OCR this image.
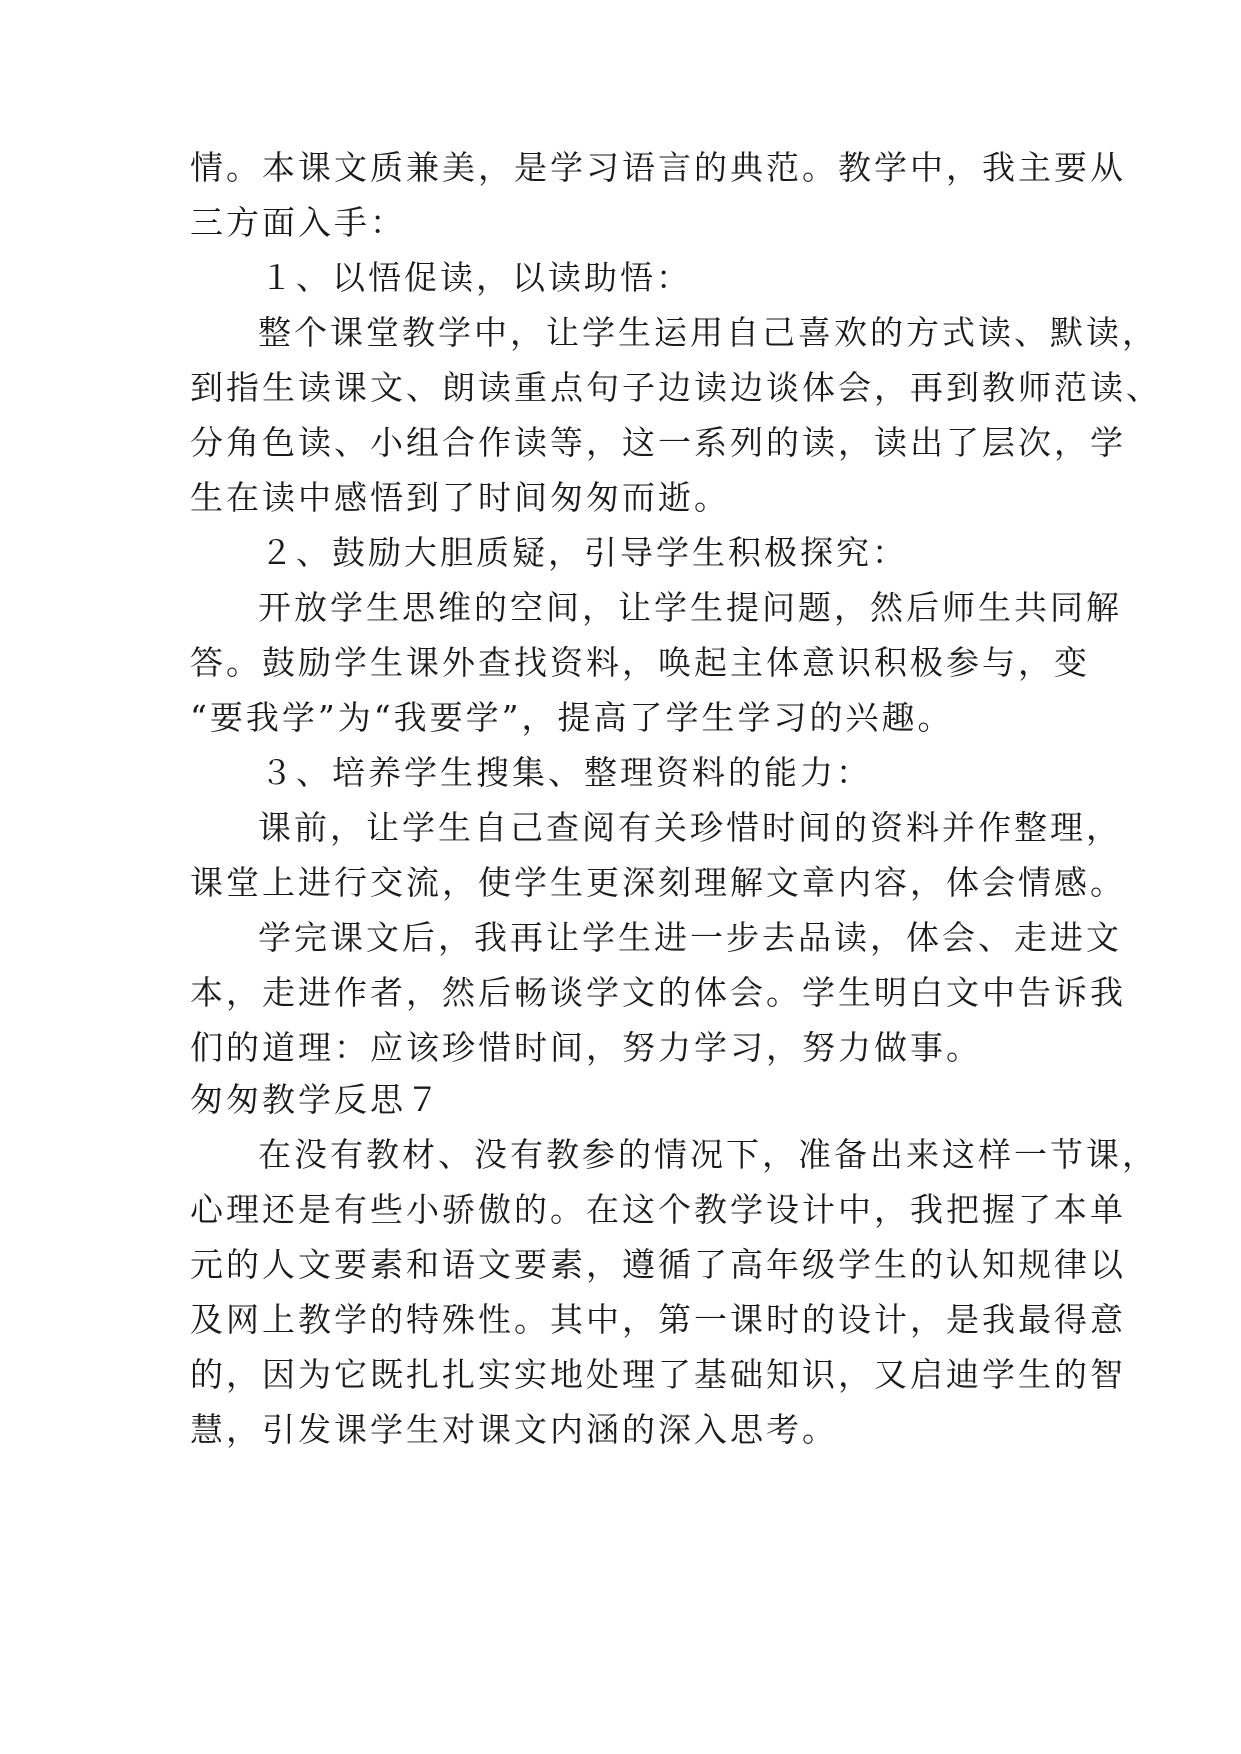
情。本课文质兼美，是学习语言的典范。教学中，我主要从
三方面入手：
１、以悟促读，以读助悟：
整个课堂教学中，让学生运用自己喜欢的方式读、默读，
到指生读课文、朗读重点句子边读边谈体会，再到教师范读、
分角色读、小组合作读等，这一系列的读，读出了层次，学
生在读中感悟到了时间匆匆而逝。
２、鼓励大胆质疑，引导学生积极探究：
开放学生思维的空间，让学生提问题，然后师生共同解
答。鼓励学生课外查找资料，唤起主体意识积极参与，变
“要我学”为“我要学”，提高了学生学习的兴趣。
３、培养学生搜集、整理资料的能力：
课前，让学生自己查阅有关珍惜时间的资料并作整理，
课堂上进行交流，使学生更深刻理解文章内容，体会情感。
学完课文后，我再让学生进一步去品读，体会、走进文
本，走进作者，然后畅谈学文的体会。学生明白文中告诉我
们的道理：应该珍惜时间，努力学习，努力做事。
匆匆教学反思７
在没有教材、没有教参的情况下，准备出来这样一节课，
心理还是有些小骄傲的。在这个教学设计中，我把握了本单
元的人文要素和语文要素，遵循了高年级学生的认知规律以
及网上教学的特殊性。其中，第一课时的设计，是我最得意
的，因为它既扎扎实实地处理了基础知识，又启迪学生的智
慧，引发课学生对课文内涵的深入思考。
